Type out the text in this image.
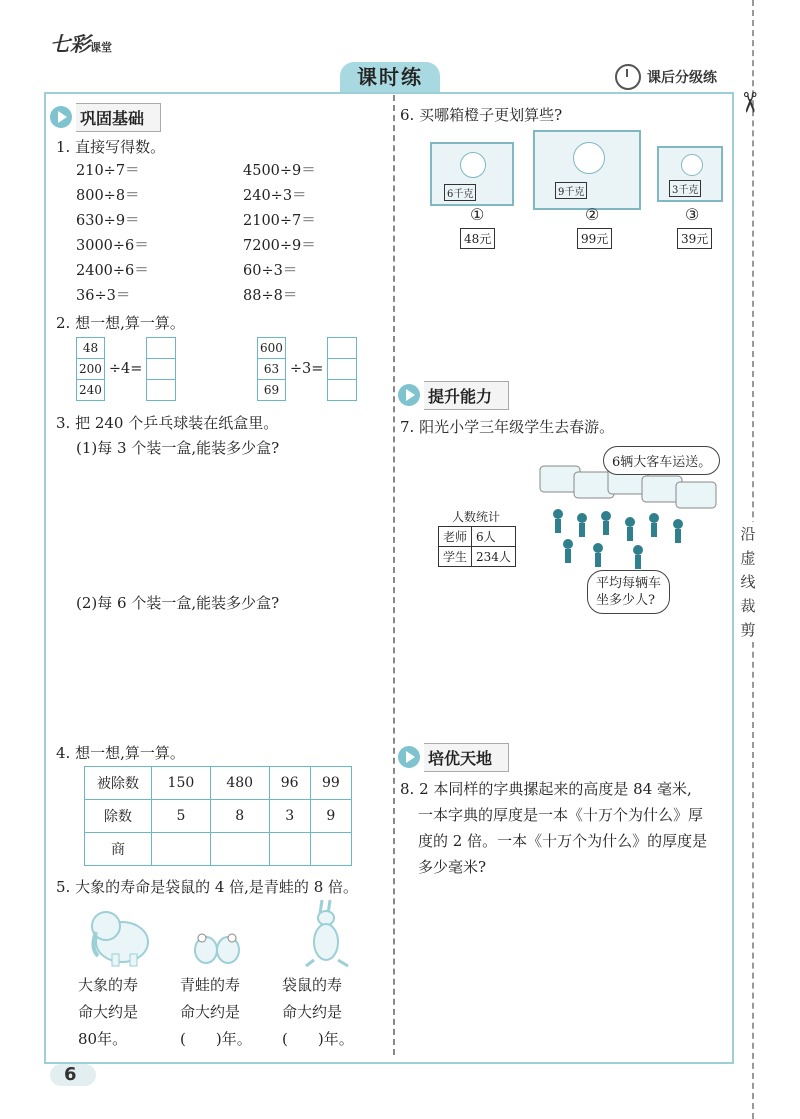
七彩课堂
课时练	课后分级练
✂
沿虚线裁剪
6
巩固基础
1. 直接写得数。
210÷7＝
800÷8＝
630÷9＝
3000÷6＝
2400÷6＝
36÷3＝
4500÷9＝
240÷3＝
2100÷7＝
7200÷9＝
60÷3＝
88÷8＝
2. 想一想,算一算。
48
200
240
÷4=

600
63
69
÷3=

3. 把 240 个乒乓球装在纸盒里。
(1)每 3 个装一盒,能装多少盒?
(2)每 6 个装一盒,能装多少盒?
4. 想一想,算一算。
被除数	150	480	96	99
除数	5	8	3	9
商				
5. 大象的寿命是袋鼠的 4 倍,是青蛙的 8 倍。
大象的寿
命大约是
80年。
青蛙的寿
命大约是
(　　)年。
袋鼠的寿
命大约是
(　　)年。
6. 买哪箱橙子更划算些?
6千克	9千克	3千克
①	②	③
48元	99元	39元
提升能力
7. 阳光小学三年级学生去春游。
6辆大客车运送。
平均每辆车
坐多少人?
人数统计
老师	6人
学生	234人
培优天地
8. 2 本同样的字典摞起来的高度是 84 毫米,
一本字典的厚度是一本《十万个为什么》厚
度的 2 倍。一本《十万个为什么》的厚度是
多少毫米?
